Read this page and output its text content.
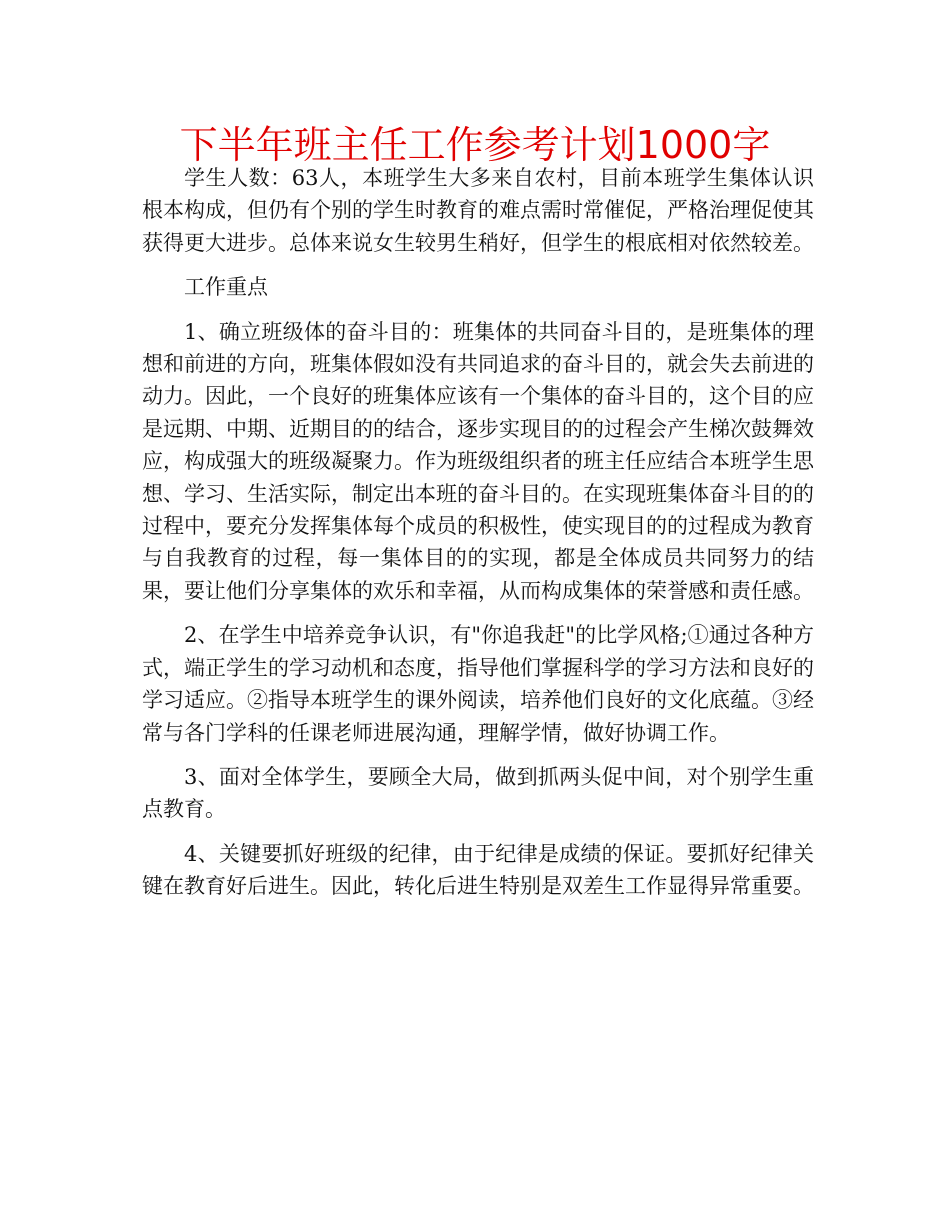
下半年班主任工作参考计划1000字

学生人数：63人，本班学生大多来自农村，目前本班学生集体认识根本构成，但仍有个别的学生时教育的难点需时常催促，严格治理促使其获得更大进步。总体来说女生较男生稍好，但学生的根底相对依然较差。

工作重点

1、确立班级体的奋斗目的：班集体的共同奋斗目的，是班集体的理想和前进的方向，班集体假如没有共同追求的奋斗目的，就会失去前进的动力。因此，一个良好的班集体应该有一个集体的奋斗目的，这个目的应是远期、中期、近期目的的结合，逐步实现目的的过程会产生梯次鼓舞效应，构成强大的班级凝聚力。作为班级组织者的班主任应结合本班学生思想、学习、生活实际，制定出本班的奋斗目的。在实现班集体奋斗目的的过程中，要充分发挥集体每个成员的积极性，使实现目的的过程成为教育与自我教育的过程，每一集体目的的实现，都是全体成员共同努力的结果，要让他们分享集体的欢乐和幸福，从而构成集体的荣誉感和责任感。

2、在学生中培养竞争认识，有"你追我赶"的比学风格;①通过各种方式，端正学生的学习动机和态度，指导他们掌握科学的学习方法和良好的学习适应。②指导本班学生的课外阅读，培养他们良好的文化底蕴。③经常与各门学科的任课老师进展沟通，理解学情，做好协调工作。

3、面对全体学生，要顾全大局，做到抓两头促中间，对个别学生重点教育。

4、关键要抓好班级的纪律，由于纪律是成绩的保证。要抓好纪律关键在教育好后进生。因此，转化后进生特别是双差生工作显得异常重要。
